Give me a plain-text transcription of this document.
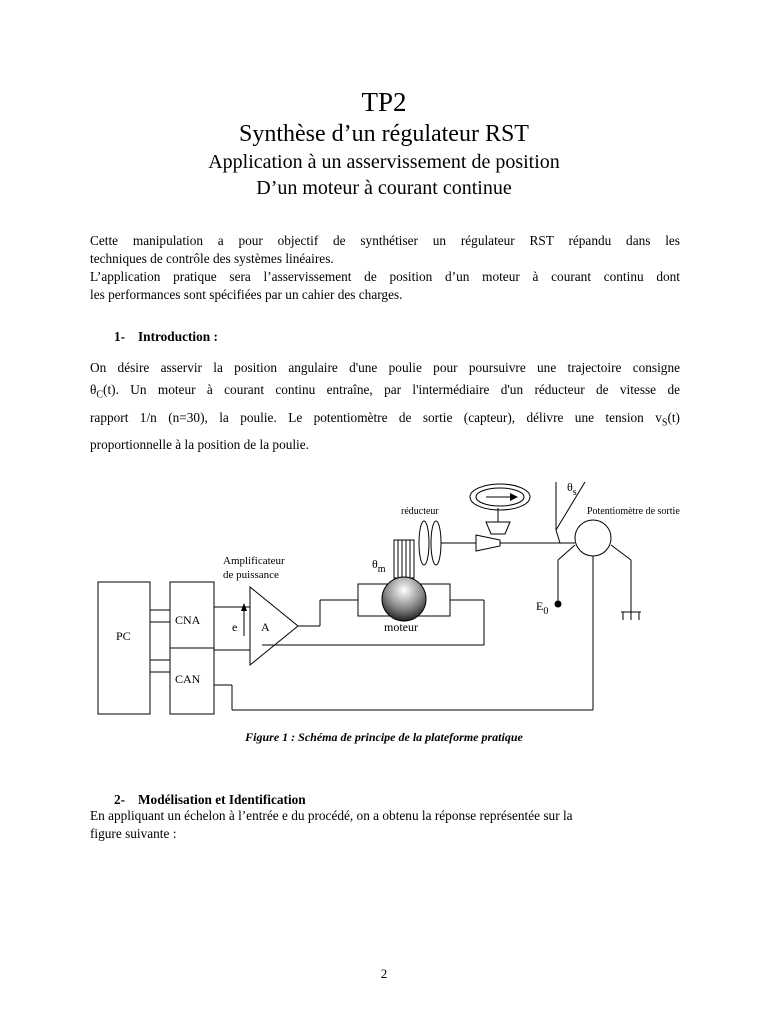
TP2
Synthèse d’un régulateur RST
Application à un asservissement de position
D’un moteur à courant continue
Cette manipulation a pour objectif de synthétiser un régulateur RST répandu dans les
techniques de contrôle des systèmes linéaires.
L’application pratique sera l’asservissement de position d’un moteur à courant continu dont
les performances sont spécifiées par un cahier des charges.
1- Introduction :
On désire asservir la position angulaire d'une poulie pour poursuivre une trajectoire consigne
$\theta_C(t)$. Un moteur à courant continu entraîne, par l'intermédiaire d'un réducteur de vitesse de
rapport 1/n (n=30), la poulie. Le potentiomètre de sortie (capteur), délivre une tension $v_S(t)$
proportionnelle à la position de la poulie.
PC
CNA
CAN
e A
Amplificateur
de puissance
$\theta_m$
moteur
réducteur
$\theta_s$
Potentiomètre de sortie
$E_0$
Figure 1 : Schéma de principe de la plateforme pratique
2- Modélisation et Identification
En appliquant un échelon à l’entrée e du procédé, on a obtenu la réponse représentée sur la
figure suivante :
2
